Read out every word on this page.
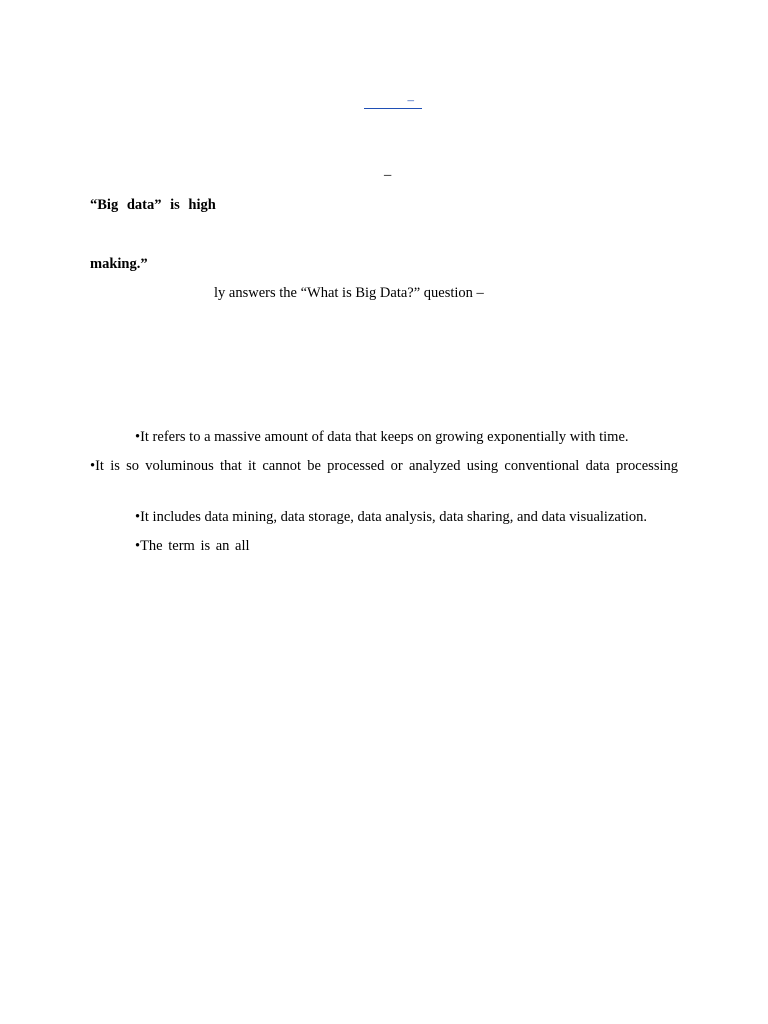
–
–
“Big data” is high
making.”
ly answers the “What is Big Data?” question –
•It refers to a massive amount of data that keeps on growing exponentially with time.
•It is so voluminous that it cannot be processed or analyzed using conventional data processing
•It includes data mining, data storage, data analysis, data sharing, and data visualization.
•The term is an all
